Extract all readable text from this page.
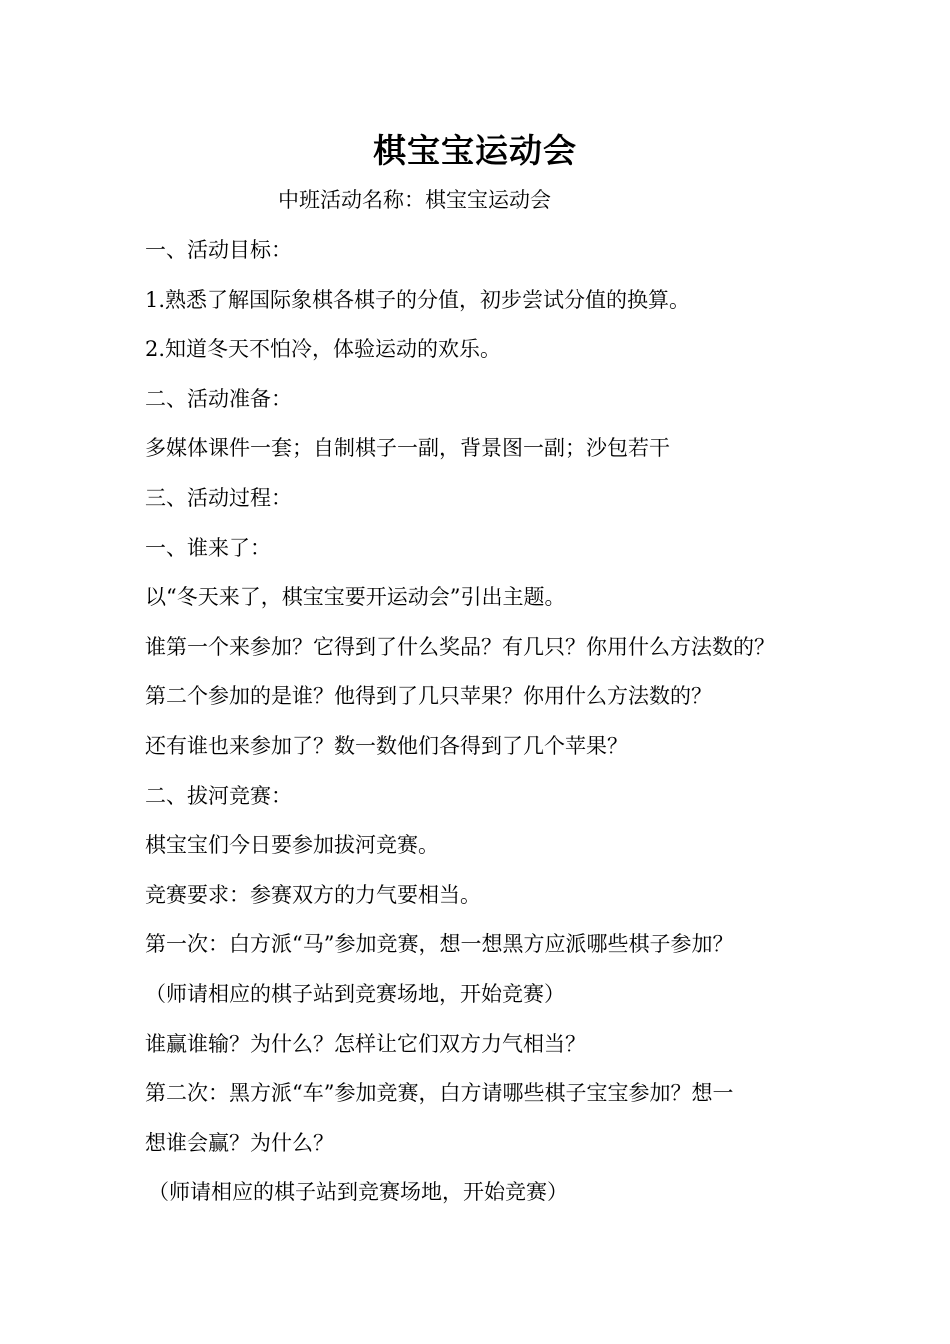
棋宝宝运动会
中班活动名称：棋宝宝运动会
一、活动目标：
1.熟悉了解国际象棋各棋子的分值，初步尝试分值的换算。
2.知道冬天不怕冷，体验运动的欢乐。
二、活动准备：
多媒体课件一套；自制棋子一副，背景图一副；沙包若干
三、活动过程：
一、谁来了：
以“冬天来了，棋宝宝要开运动会”引出主题。
谁第一个来参加？它得到了什么奖品？有几只？你用什么方法数的？
第二个参加的是谁？他得到了几只苹果？你用什么方法数的？
还有谁也来参加了？数一数他们各得到了几个苹果？
二、拔河竞赛：
棋宝宝们今日要参加拔河竞赛。
竞赛要求：参赛双方的力气要相当。
第一次：白方派“马”参加竞赛，想一想黑方应派哪些棋子参加？
（师请相应的棋子站到竞赛场地，开始竞赛）
谁赢谁输？为什么？怎样让它们双方力气相当？
第二次：黑方派“车”参加竞赛，白方请哪些棋子宝宝参加？想一
想谁会赢？为什么？
（师请相应的棋子站到竞赛场地，开始竞赛）
